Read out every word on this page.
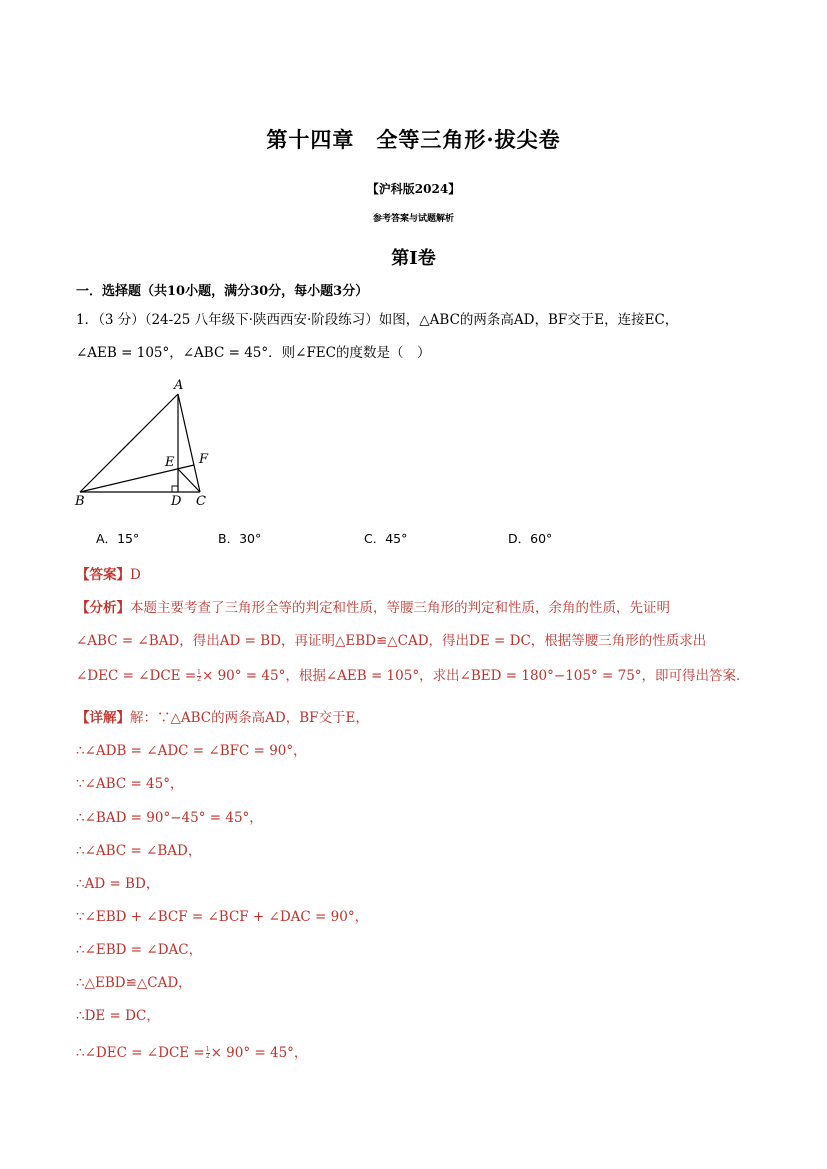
第十四章　全等三角形·拔尖卷
【沪科版2024】
参考答案与试题解析
第Ⅰ卷
一．选择题（共10小题，满分30分，每小题3分）
1．（3 分）（24-25 八年级下·陕西西安·阶段练习）如图，△ABC的两条高AD，BF交于E，连接EC，
∠AEB = 105°，∠ABC = 45°．则∠FEC的度数是（　）
A
B	C
D
E F
A．15°	B．30°	C．45°	D．60°
【答案】D
【分析】本题主要考查了三角形全等的判定和性质，等腰三角形的判定和性质，余角的性质，先证明
∠ABC = ∠BAD，得出AD = BD，再证明△EBD≌△CAD，得出DE = DC，根据等腰三角形的性质求出
∠DEC = ∠DCE = $\frac{1}{2} \times 90^\circ = 45^\circ$，根据∠AEB = 105°，求出∠BED = 180°−105° = 75°，即可得出答案．
【详解】解：∵△ABC的两条高AD，BF交于E，
∴∠ADB = ∠ADC = ∠BFC = 90°，
∵∠ABC = 45°，
∴∠BAD = 90°−45° = 45°，
∴∠ABC = ∠BAD，
∴AD = BD，
∵∠EBD + ∠BCF = ∠BCF + ∠DAC = 90°，
∴∠EBD = ∠DAC，
∴△EBD≌△CAD，
∴DE = DC，
∴∠DEC = ∠DCE = $\frac{1}{2} \times 90^\circ = 45^\circ$，
